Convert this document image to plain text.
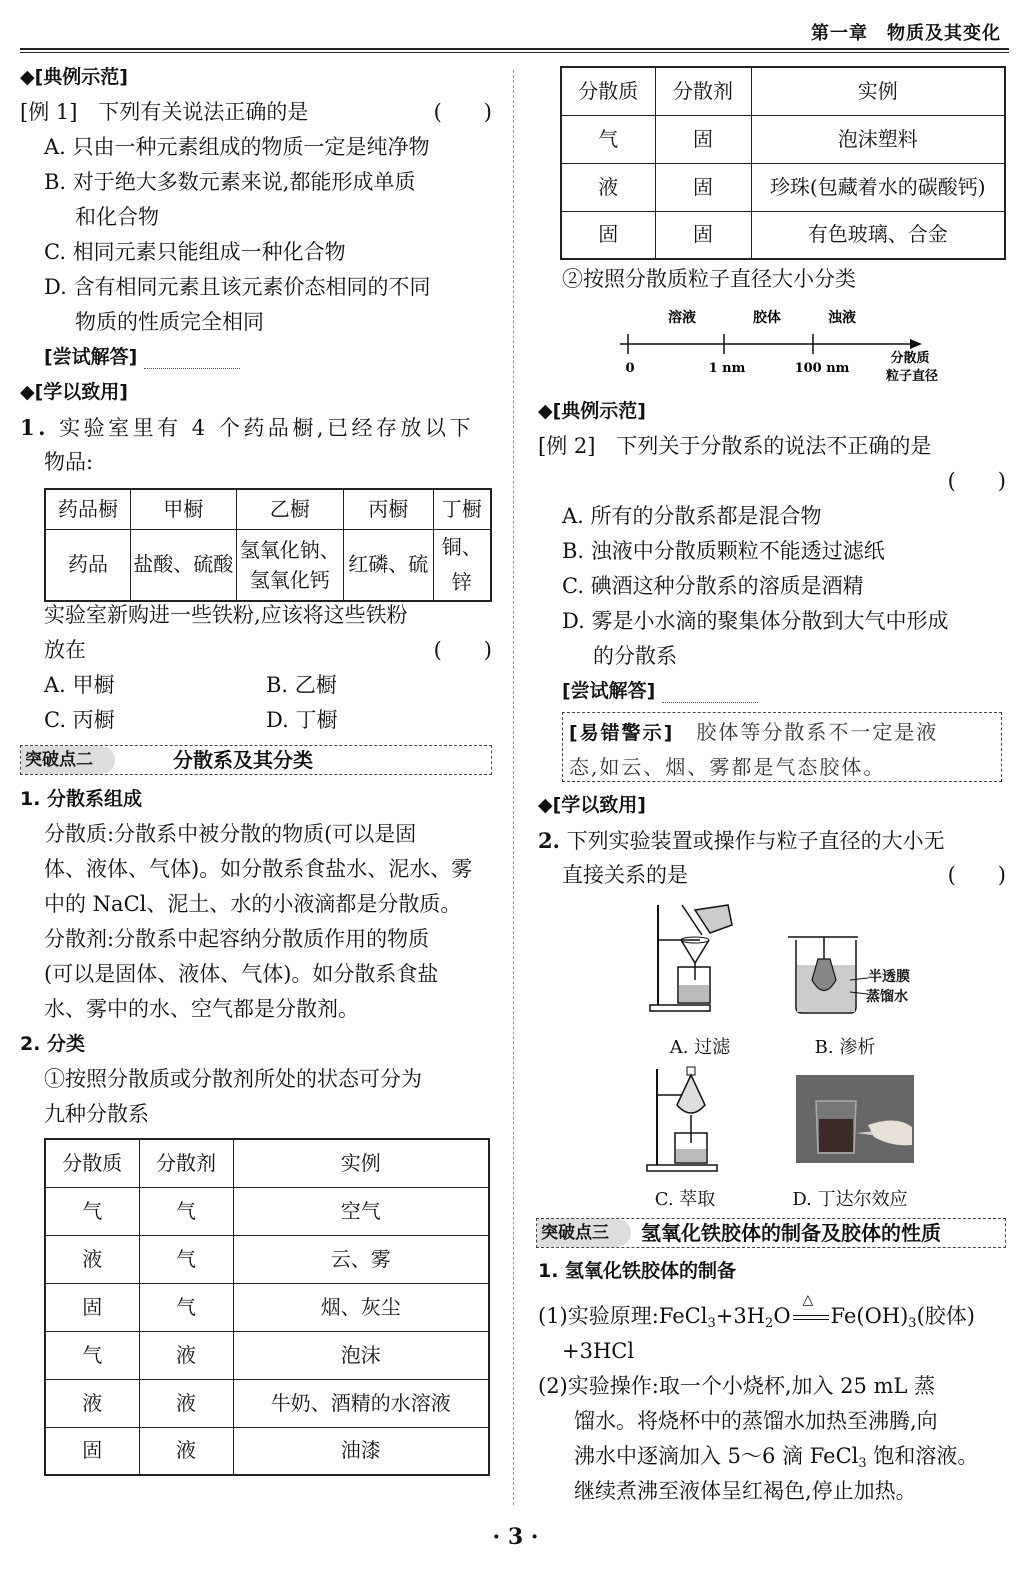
第一章　物质及其变化
◆[典例示范]
[例 1]　下列有关说法正确的是	(　　)
A. 只由一种元素组成的物质一定是纯净物
B. 对于绝大多数元素来说,都能形成单质
和化合物
C. 相同元素只能组成一种化合物
D. 含有相同元素且该元素价态相同的不同
物质的性质完全相同
[尝试解答]
◆[学以致用]
1. 实验室里有 4 个药品橱,已经存放以下
物品:
药品橱	甲橱	乙橱	丙橱	丁橱
药品	盐酸、硫酸	氢氧化钠、
氢氧化钙	红磷、硫	铜、锌
实验室新购进一些铁粉,应该将这些铁粉
放在	(　　)
A. 甲橱	B. 乙橱
C. 丙橱	D. 丁橱
突破点二	分散系及其分类
1. 分散系组成
分散质:分散系中被分散的物质(可以是固
体、液体、气体)。如分散系食盐水、泥水、雾
中的 NaCl、泥土、水的小液滴都是分散质。
分散剂:分散系中起容纳分散质作用的物质
(可以是固体、液体、气体)。如分散系食盐
水、雾中的水、空气都是分散剂。
2. 分类
①按照分散质或分散剂所处的状态可分为
九种分散系
分散质	分散剂	实例
气	气	空气
液	气	云、雾
固	气	烟、灰尘
气	液	泡沫
液	液	牛奶、酒精的水溶液
固	液	油漆
分散质	分散剂	实例
气	固	泡沫塑料
液	固	珍珠(包藏着水的碳酸钙)
固	固	有色玻璃、合金
②按照分散质粒子直径大小分类
溶液	胶体	浊液
0	1 nm	100 nm
分散质
粒子直径
◆[典例示范]
[例 2]　下列关于分散系的说法不正确的是
(　　)
A. 所有的分散系都是混合物
B. 浊液中分散质颗粒不能透过滤纸
C. 碘酒这种分散系的溶质是酒精
D. 雾是小水滴的聚集体分散到大气中形成
的分散系
[尝试解答]
[易错警示]　胶体等分散系不一定是液
态,如云、烟、雾都是气态胶体。
◆[学以致用]
2. 下列实验装置或操作与粒子直径的大小无
直接关系的是	(　　)
A. 过滤
半透膜
蒸馏水
B. 渗析
C. 萃取	D. 丁达尔效应
突破点三	氢氧化铁胶体的制备及胶体的性质
1. 氢氧化铁胶体的制备
(1)实验原理$:FeCl_3+3H_2O$
△
$Fe(OH)_3$(胶体)
+3HCl
(2)实验操作:取一个小烧杯,加入 25 mL 蒸
馏水。将烧杯中的蒸馏水加热至沸腾,向
沸水中逐滴加入 5～6 滴 FeCl$_3$ 饱和溶液。
继续煮沸至液体呈红褐色,停止加热。
· 3 ·
